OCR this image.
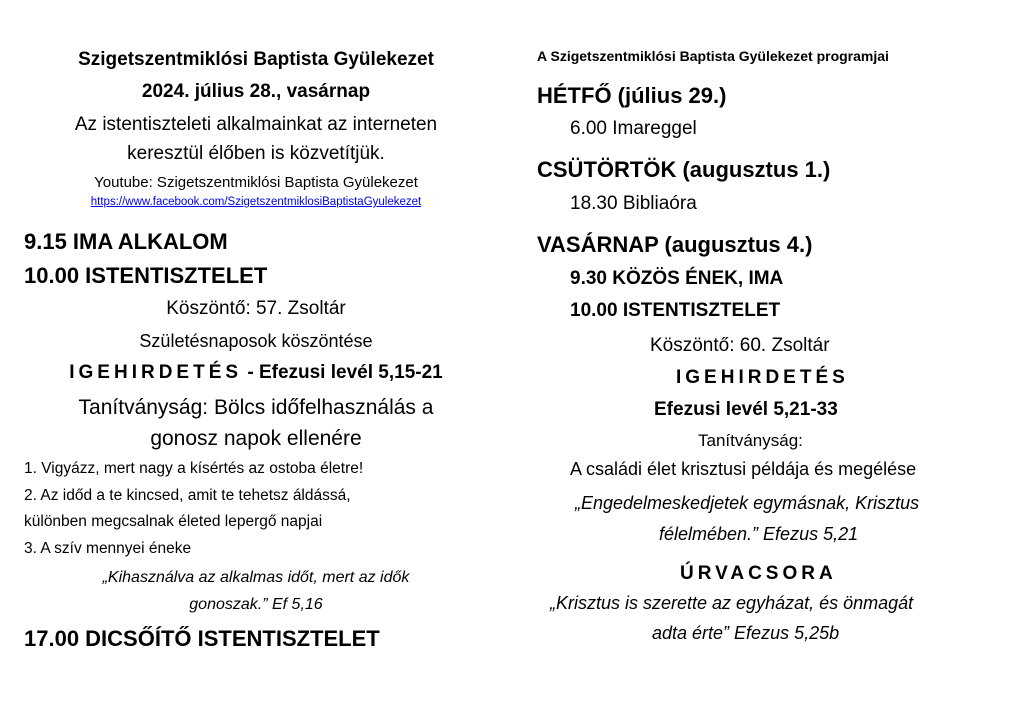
Szigetszentmiklósi Baptista Gyülekezet
2024. július 28., vasárnap
Az istentiszteleti alkalmainkat az interneten
keresztül élőben is közvetítjük.
Youtube: Szigetszentmiklósi Baptista Gyülekezet
https://www.facebook.com/SzigetszentmiklosiBaptistaGyulekezet
9.15 IMA ALKALOM
10.00 ISTENTISZTELET
Köszöntő: 57. Zsoltár
Születésnaposok köszöntése
IGEHIRDETÉS - Efezusi levél 5,15-21
Tanítványság: Bölcs időfelhasználás a
gonosz napok ellenére
1. Vigyázz, mert nagy a kísértés az ostoba életre!
2. Az időd a te kincsed, amit te tehetsz áldássá,
különben megcsalnak életed lepergő napjai
3. A szív mennyei éneke
„Kihasználva az alkalmas időt, mert az idők
gonoszak.” Ef 5,16
17.00 DICSŐÍTŐ ISTENTISZTELET
A Szigetszentmiklósi Baptista Gyülekezet programjai
HÉTFŐ (július 29.)
6.00 Imareggel
CSÜTÖRTÖK (augusztus 1.)
18.30 Bibliaóra
VASÁRNAP (augusztus 4.)
9.30 KÖZÖS ÉNEK, IMA
10.00 ISTENTISZTELET
Köszöntő: 60. Zsoltár
IGEHIRDETÉS
Efezusi levél 5,21-33
Tanítványság:
A családi élet krisztusi példája és megélése
„Engedelmeskedjetek egymásnak, Krisztus
félelmében.” Efezus 5,21
ÚRVACSORA
„Krisztus is szerette az egyházat, és önmagát
adta érte” Efezus 5,25b
